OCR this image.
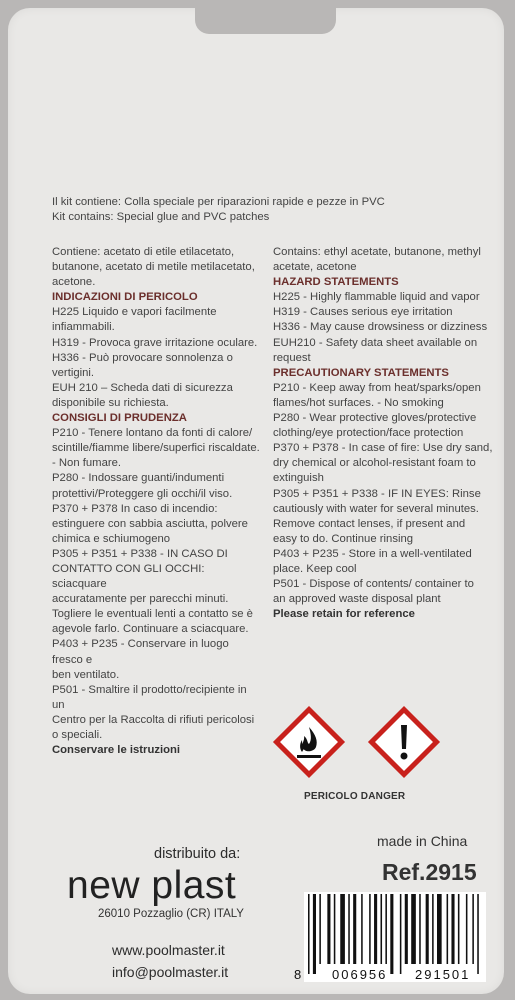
Il kit contiene: Colla speciale per riparazioni rapide e pezze in PVC

Kit contains: Special glue and PVC patches

Contiene: acetato di etile etilacetato,

butanone, acetato di metile metilacetato,

acetone.

INDICAZIONI DI PERICOLO

H225 Liquido e vapori facilmente

infiammabili.

H319 - Provoca grave irritazione oculare.

H336 - Può provocare sonnolenza o

vertigini.

EUH 210 – Scheda dati di sicurezza

disponibile su richiesta.

CONSIGLI DI PRUDENZA

P210 - Tenere lontano da fonti di calore/

scintille/fiamme libere/superfici riscaldate.

- Non fumare.

P280 - Indossare guanti/indumenti

protettivi/Proteggere gli occhi/il viso.

P370 + P378 In caso di incendio:

estinguere con sabbia asciutta, polvere

chimica e schiumogeno

P305 + P351 + P338 - IN CASO DI

CONTATTO CON GLI OCCHI: sciacquare

accuratamente per parecchi minuti.

Togliere le eventuali lenti a contatto se è

agevole farlo. Continuare a sciacquare.

P403 + P235 - Conservare in luogo fresco e

ben ventilato.

P501 - Smaltire il prodotto/recipiente in un

Centro per la Raccolta di rifiuti pericolosi

o speciali.

Conservare le istruzioni

Contains: ethyl acetate, butanone, methyl

acetate, acetone

HAZARD STATEMENTS

H225 - Highly flammable liquid and vapor

H319 - Causes serious eye irritation

H336 - May cause drowsiness or dizziness

EUH210 - Safety data sheet available on

request

PRECAUTIONARY STATEMENTS

P210 - Keep away from heat/sparks/open

flames/hot surfaces. - No smoking

P280 - Wear protective gloves/protective

clothing/eye protection/face protection

P370 + P378 - In case of fire: Use dry sand,

dry chemical or alcohol-resistant foam to

extinguish

P305 + P351 + P338 - IF IN EYES: Rinse

cautiously with water for several minutes.

Remove contact lenses, if present and

easy to do. Continue rinsing

P403 + P235 - Store in a well-ventilated

place. Keep cool

P501 - Dispose of contents/ container to

an approved waste disposal plant

Please retain for reference

PERICOLO DANGER
distribuito da:
new plast
26010 Pozzaglio (CR) ITALY
www.poolmaster.it
info@poolmaster.it
made in China
Ref.2915
8 006956 291501
